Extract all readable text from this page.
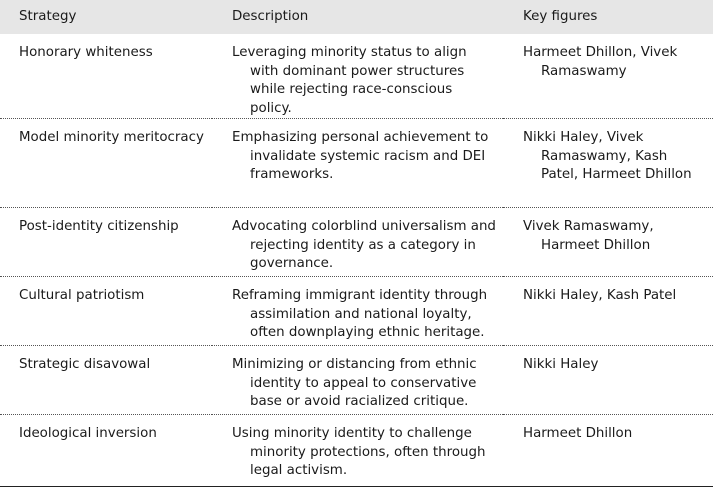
Strategy	Description	Key figures

Honorary whiteness	Leveraging minority status to align with dominant power structures while rejecting race-conscious policy.	Harmeet Dhillon, Vivek Ramaswamy

Model minority meritocracy	Emphasizing personal achievement to invalidate systemic racism and DEI frameworks.	Nikki Haley, Vivek Ramaswamy, Kash Patel, Harmeet Dhillon

Post-identity citizenship	Advocating colorblind universalism and rejecting identity as a category in governance.	Vivek Ramaswamy, Harmeet Dhillon

Cultural patriotism	Reframing immigrant identity through assimilation and national loyalty, often downplaying ethnic heritage.	Nikki Haley, Kash Patel

Strategic disavowal	Minimizing or distancing from ethnic identity to appeal to conservative base or avoid racialized critique.	Nikki Haley

Ideological inversion	Using minority identity to challenge minority protections, often through legal activism.	Harmeet Dhillon
